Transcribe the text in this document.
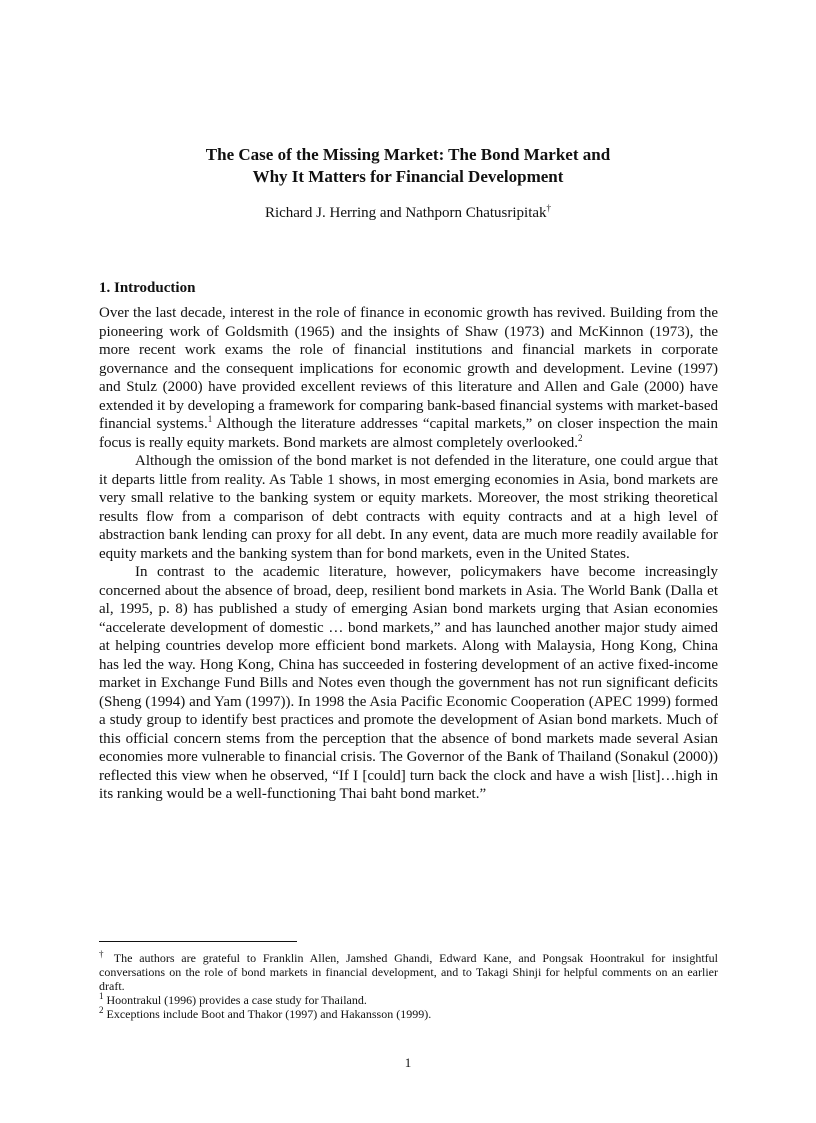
The Case of the Missing Market: The Bond Market and
Why It Matters for Financial Development
Richard J. Herring and Nathporn Chatusripitak†
1. Introduction

Over the last decade, interest in the role of finance in economic growth has revived. Building from the pioneering work of Goldsmith (1965) and the insights of Shaw (1973) and McKinnon (1973), the more recent work exams the role of financial institutions and financial markets in corporate governance and the consequent implications for economic growth and development. Levine (1997) and Stulz (2000) have provided excellent reviews of this literature and Allen and Gale (2000) have extended it by developing a framework for comparing bank-based financial systems with market-based financial systems.$^1$ Although the literature addresses “capital markets,” on closer inspection the main focus is really equity markets. Bond markets are almost completely overlooked.$^2$

Although the omission of the bond market is not defended in the literature, one could argue that it departs little from reality. As Table 1 shows, in most emerging economies in Asia, bond markets are very small relative to the banking system or equity markets. Moreover, the most striking theoretical results flow from a comparison of debt contracts with equity contracts and at a high level of abstraction bank lending can proxy for all debt. In any event, data are much more readily available for equity markets and the banking system than for bond markets, even in the United States.

In contrast to the academic literature, however, policymakers have become increasingly concerned about the absence of broad, deep, resilient bond markets in Asia. The World Bank (Dalla et al, 1995, p. 8) has published a study of emerging Asian bond markets urging that Asian economies “accelerate development of domestic … bond markets,” and has launched another major study aimed at helping countries develop more efficient bond markets. Along with Malaysia, Hong Kong, China has led the way. Hong Kong, China has succeeded in fostering development of an active fixed-income market in Exchange Fund Bills and Notes even though the government has not run significant deficits (Sheng (1994) and Yam (1997)). In 1998 the Asia Pacific Economic Cooperation (APEC 1999) formed a study group to identify best practices and promote the development of Asian bond markets. Much of this official concern stems from the perception that the absence of bond markets made several Asian economies more vulnerable to financial crisis. The Governor of the Bank of Thailand (Sonakul (2000)) reflected this view when he observed, “If I [could] turn back the clock and have a wish [list]…high in its ranking would be a well-functioning Thai baht bond market.”

† The authors are grateful to Franklin Allen, Jamshed Ghandi, Edward Kane, and Pongsak Hoontrakul for insightful conversations on the role of bond markets in financial development, and to Takagi Shinji for helpful comments on an earlier draft.

$^1$ Hoontrakul (1996) provides a case study for Thailand.

$^2$ Exceptions include Boot and Thakor (1997) and Hakansson (1999).

1
